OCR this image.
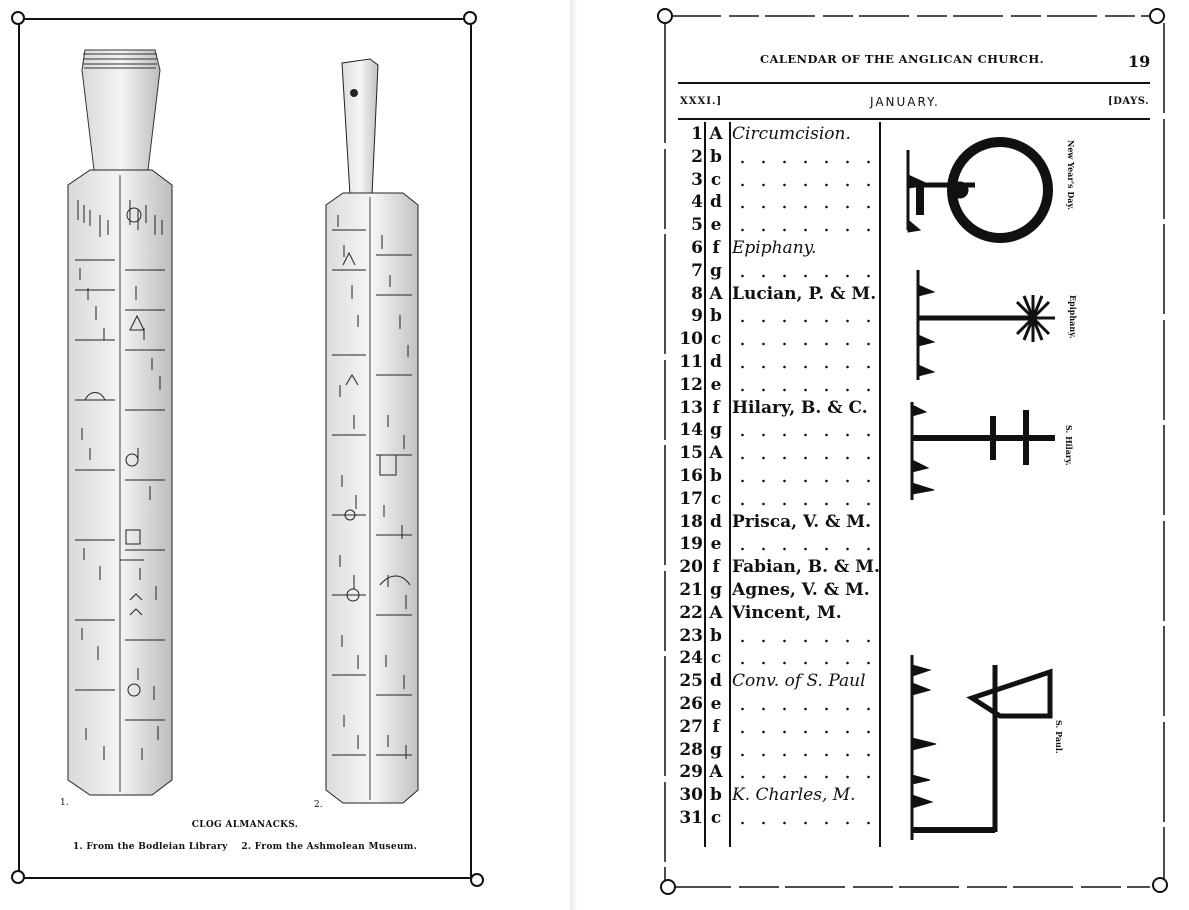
1.	2.
CLOG ALMANACKS.
1. From the Bodleian Library    2. From the Ashmolean Museum.
CALENDAR OF THE ANGLICAN CHURCH.	19
XXXI.]	JANUARY.	[DAYS.
1 A Circumcision.
2 b
3 c
4 d
5 e
6 f Epiphany.
7 g
8 A Lucian, P. & M.
9 b
10 c
11 d
12 e
13 f Hilary, B. & C.
14 g
15 A
16 b
17 c
18 d Prisca, V. & M.
19 e
20 f Fabian, B. & M.
21 g Agnes, V. & M.
22 A Vincent, M.
23 b
24 c
25 d Conv. of S. Paul
26 e
27 f
28 g
29 A
30 b K. Charles, M.
31 c
New Year's Day.
Epiphany.
S. Hilary.
S. Paul.
